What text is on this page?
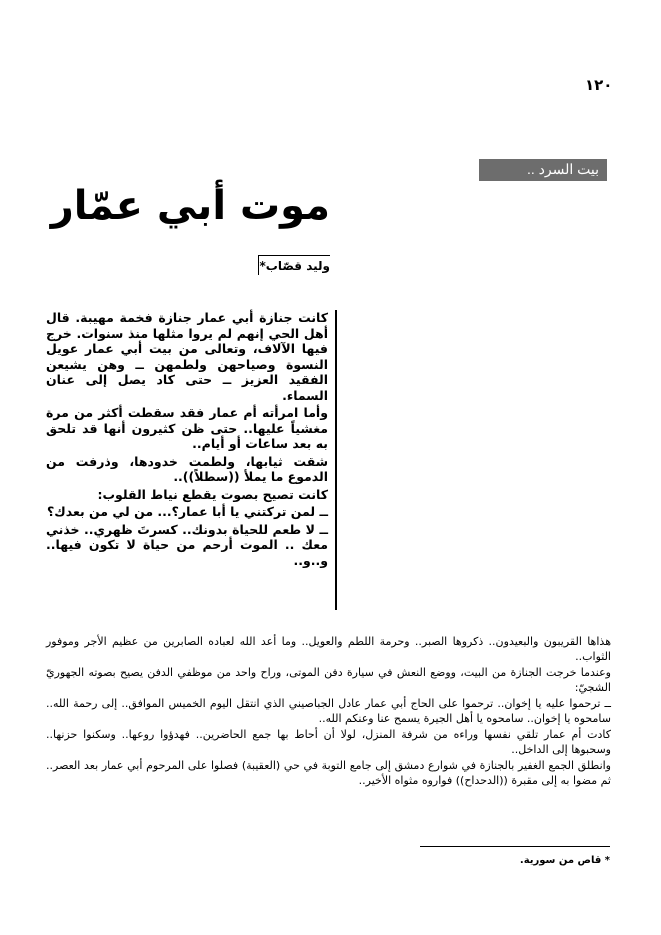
١٢٠
بيت السرد ..
موت أبي عمّار
وليد قصّاب*

كانت جنازة أبي عمار جنازة فخمة مهيبة. قال أهل الحي إنهم لم يروا مثلها منذ سنوات. خرج فيها الآلاف، وتعالى من بيت أبي عمار عويل النسوة وصياحهن ولطمهن ــ وهن يشيعن الفقيد العزيز ــ حتى كاد يصل إلى عنان السماء.

وأما امرأته أم عمار فقد سقطت أكثر من مرة مغشياً عليها.. حتى ظن كثيرون أنها قد تلحق به بعد ساعات أو أيام..

شقت ثيابها، ولطمت خدودها، وذرفت من الدموع ما يملأ ((سطلاً))..

كانت تصيح بصوت يقطع نياط القلوب:

ــ لمن تركتني يا أبا عمار؟... من لي من بعدك؟

ــ لا طعم للحياة بدونك.. كسرتَ ظهري.. خذني معك .. الموت أرحم من حياة لا تكون فيها.. و..و..

هذاها القريبون والبعيدون.. ذكروها الصبر.. وحرمة اللطم والعويل.. وما أعد الله لعباده الصابرين من عظيم الأجر وموفور الثواب..

وعندما خرجت الجنازة من البيت، ووضع النعش في سيارة دفن الموتى، وراح واحد من موظفي الدفن يصيح بصوته الجهوريّ الشجيّ:

ــ ترحموا عليه يا إخوان.. ترحموا على الحاج أبي عمار عادل الجباصيني الذي انتقل اليوم الخميس الموافق.. إلى رحمة الله.. سامحوه يا إخوان.. سامحوه يا أهل الجيرة يسمح عنا وعنكم الله..

كادت أم عمار تلقي نفسها وراءه من شرفة المنزل، لولا أن أحاط بها جمع الحاضرين.. فهدؤوا روعها.. وسكنوا حزنها.. وسحبوها إلى الداخل..

وانطلق الجمع الغفير بالجنازة في شوارع دمشق إلى جامع التوبة في حي (العقيبة) فصلوا على المرحوم أبي عمار بعد العصر.. ثم مضوا به إلى مقبرة ((الدحداح)) فواروه مثواه الأخير..

* قاص من سورية.
